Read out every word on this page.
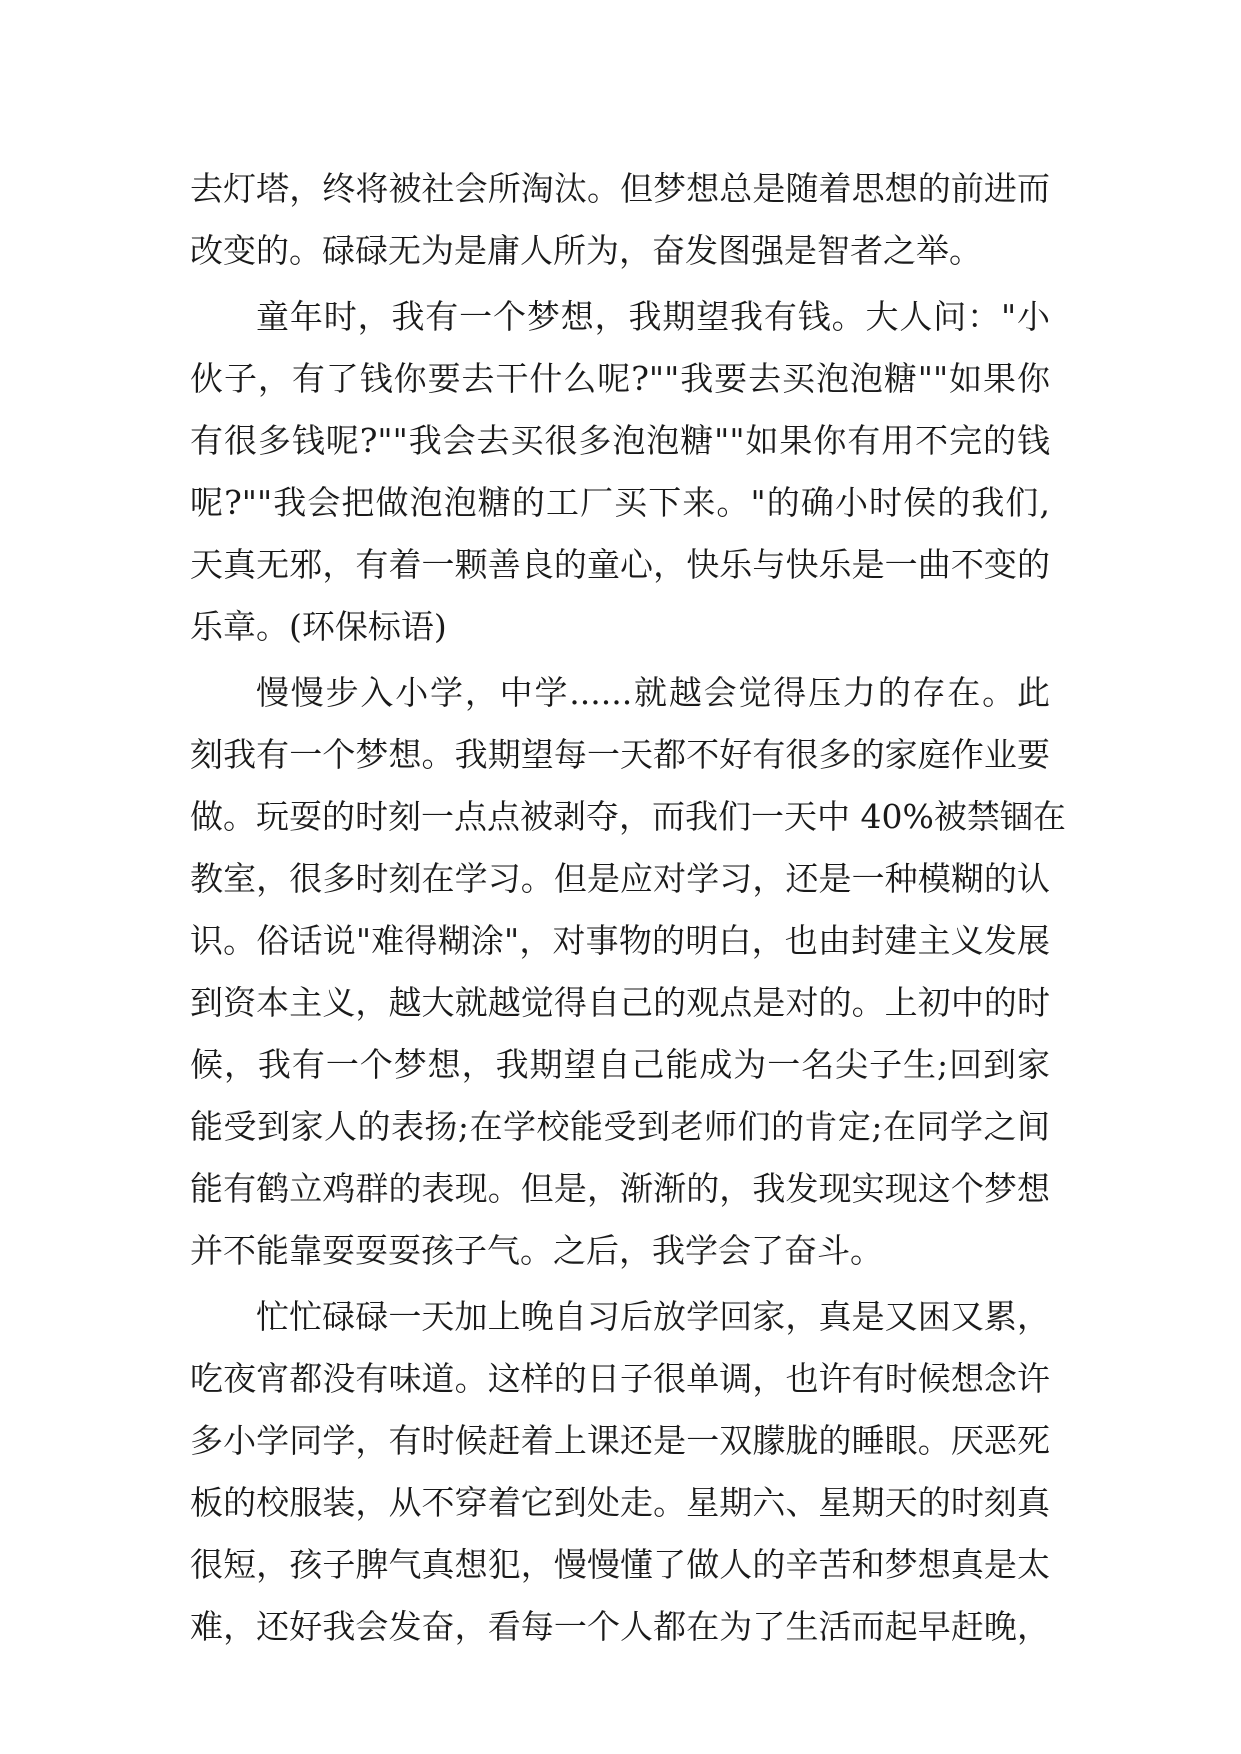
去灯塔，终将被社会所淘汰。但梦想总是随着思想的前进而
改变的。碌碌无为是庸人所为，奋发图强是智者之举。
童年时，我有一个梦想，我期望我有钱。大人问："小
伙子，有了钱你要去干什么呢?""我要去买泡泡糖""如果你
有很多钱呢?""我会去买很多泡泡糖""如果你有用不完的钱
呢?""我会把做泡泡糖的工厂买下来。"的确小时侯的我们,
天真无邪，有着一颗善良的童心，快乐与快乐是一曲不变的
乐章。(环保标语)
慢慢步入小学，中学......就越会觉得压力的存在。此
刻我有一个梦想。我期望每一天都不好有很多的家庭作业要
做。玩耍的时刻一点点被剥夺，而我们一天中 40%被禁锢在
教室，很多时刻在学习。但是应对学习，还是一种模糊的认
识。俗话说"难得糊涂"，对事物的明白，也由封建主义发展
到资本主义，越大就越觉得自己的观点是对的。上初中的时
候，我有一个梦想，我期望自己能成为一名尖子生;回到家
能受到家人的表扬;在学校能受到老师们的肯定;在同学之间
能有鹤立鸡群的表现。但是，渐渐的，我发现实现这个梦想
并不能靠耍耍耍孩子气。之后，我学会了奋斗。
忙忙碌碌一天加上晚自习后放学回家，真是又困又累，
吃夜宵都没有味道。这样的日子很单调，也许有时候想念许
多小学同学，有时候赶着上课还是一双朦胧的睡眼。厌恶死
板的校服装，从不穿着它到处走。星期六、星期天的时刻真
很短，孩子脾气真想犯，慢慢懂了做人的辛苦和梦想真是太
难，还好我会发奋，看每一个人都在为了生活而起早赶晚，
